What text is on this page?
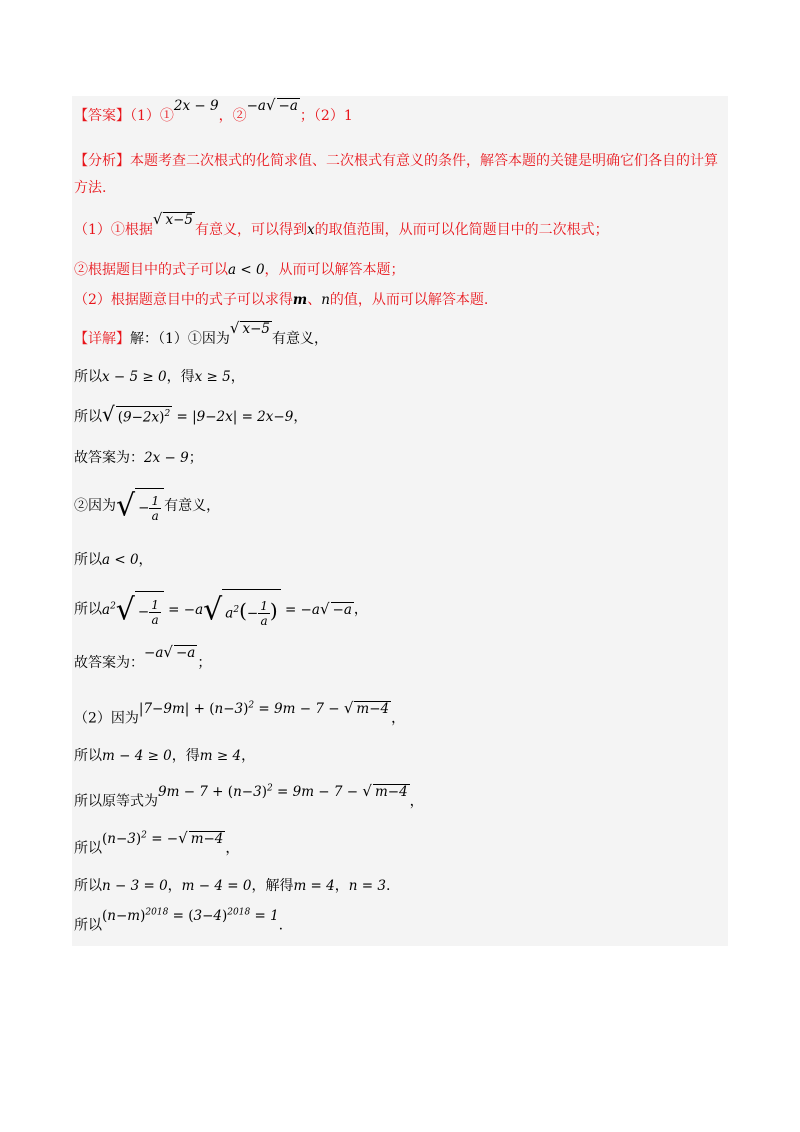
【答案】（1）①2x − 9，②−a√ −a；（2）1
【分析】本题考查二次根式的化简求值、二次根式有意义的条件，解答本题的关键是明确它们各自的计算
方法.
（1）①根据√ x−5有意义，可以得到x的取值范围，从而可以化简题目中的二次根式；
②根据题目中的式子可以a < 0，从而可以解答本题；
（2）根据题意目中的式子可以求得m、n的值，从而可以解答本题.
【详解】解：（1）①因为√ x−5有意义，
所以x − 5 ≥ 0，得x ≥ 5，
所以√ $(9-2x)^2 = |9-2x| = 2x-9$，
故答案为：2x − 9；
②因为√ − $\frac{1}{a}$ 有意义，
所以a < 0，
所以$a^2√ - \frac{1}{a} = -a√$ $a^2(- \frac{1}{a}$ ) = −a√ −a ，
故答案为：−a√ −a；
（2）因为$|7-9m| + (n-3)^2 = 9m - 7$ − √ m−4，
所以m − 4 ≥ 0，得m ≥ 4，
所以原等式为$9m - 7 + (n-3)^2 = 9m - 7$ − √ m−4，
所以$(n-3)^2$ = −√ m−4，
所以n − 3 = 0，m − 4 = 0，解得m = 4，n = 3.
所以$(n-m)^{2018} = (3-4)^{2018} = 1$.
